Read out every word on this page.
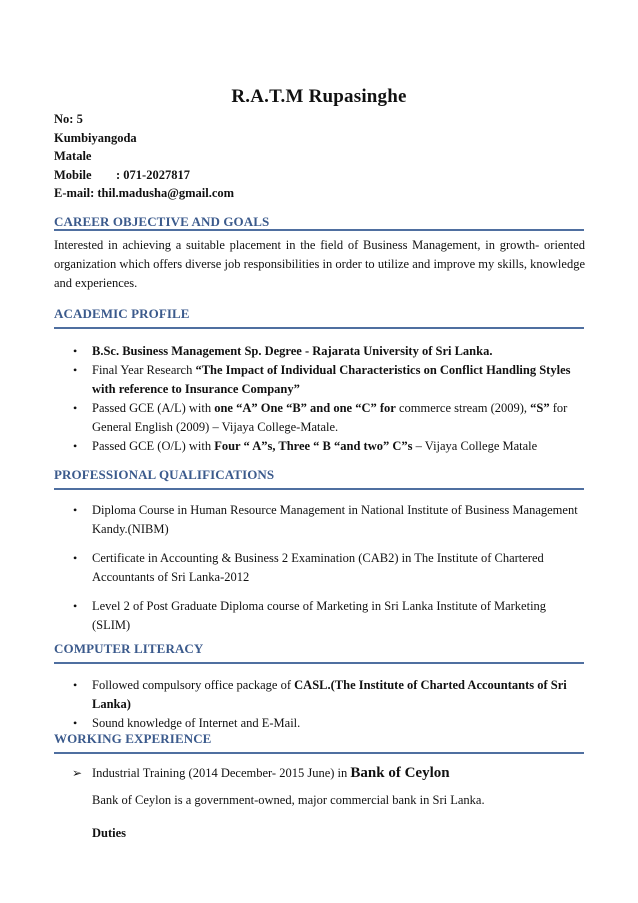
R.A.T.M Rupasinghe
No: 5
Kumbiyangoda
Matale
Mobile : 071-2027817
E-mail: thil.madusha@gmail.com
CAREER OBJECTIVE AND GOALS
Interested in achieving a suitable placement in the field of Business Management, in growth- oriented organization which offers diverse job responsibilities in order to utilize and improve my skills, knowledge and experiences.
ACADEMIC PROFILE
• B.Sc. Business Management Sp. Degree - Rajarata University of Sri Lanka.
• Final Year Research “The Impact of Individual Characteristics on Conflict Handling Styles with reference to Insurance Company”
• Passed GCE (A/L) with one “A” One “B” and one “C” for commerce stream (2009), “S” for General English (2009) – Vijaya College-Matale.
• Passed GCE (O/L) with Four “ A”s, Three “ B “and two” C”s – Vijaya College Matale
PROFESSIONAL QUALIFICATIONS
• Diploma Course in Human Resource Management in National Institute of Business Management Kandy.(NIBM)
• Certificate in Accounting & Business 2 Examination (CAB2) in The Institute of Chartered Accountants of Sri Lanka-2012
• Level 2 of Post Graduate Diploma course of Marketing in Sri Lanka Institute of Marketing (SLIM)
COMPUTER LITERACY
• Followed compulsory office package of CASL.(The Institute of Charted Accountants of Sri Lanka)
• Sound knowledge of Internet and E-Mail.
WORKING EXPERIENCE
➢ Industrial Training (2014 December- 2015 June) in Bank of Ceylon
Bank of Ceylon is a government-owned, major commercial bank in Sri Lanka.
Duties
